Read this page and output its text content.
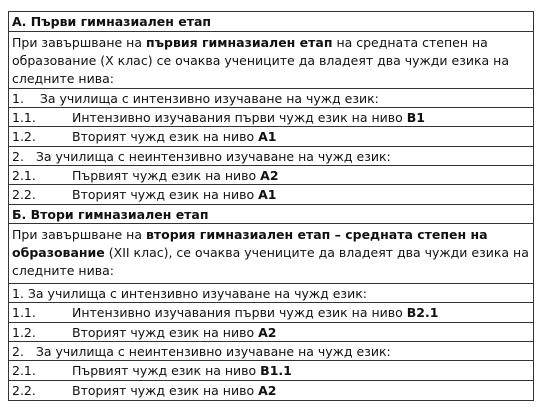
А. Първи гимназиален етап
При завършване на първия гимназиален етап на средната степен на образование (X клас) се очаква учениците да владеят два чужди езика на следните нива:
1.    За училища с интензивно изучаване на чужд език:
1.1.	Интензивно изучавания първи чужд език на ниво B1
1.2.	Вторият чужд език на ниво A1
2.   За училища с неинтензивно изучаване на чужд език:
2.1.	Първият чужд език на ниво A2
2.2.	Вторият чужд език на ниво A1
Б. Втори гимназиален етап
При завършване на втория гимназиален етап – средната степен на образование (XII клас), се очаква учениците да владеят два чужди езика на следните нива:
1. За училища с интензивно изучаване на чужд език:
1.1.	Интензивно изучавания първи чужд език на ниво B2.1
1.2.	Вторият чужд език на ниво A2
2.   За училища с неинтензивно изучаване на чужд език:
2.1.	Първият чужд език на ниво B1.1
2.2.	Вторият чужд език на ниво A2
